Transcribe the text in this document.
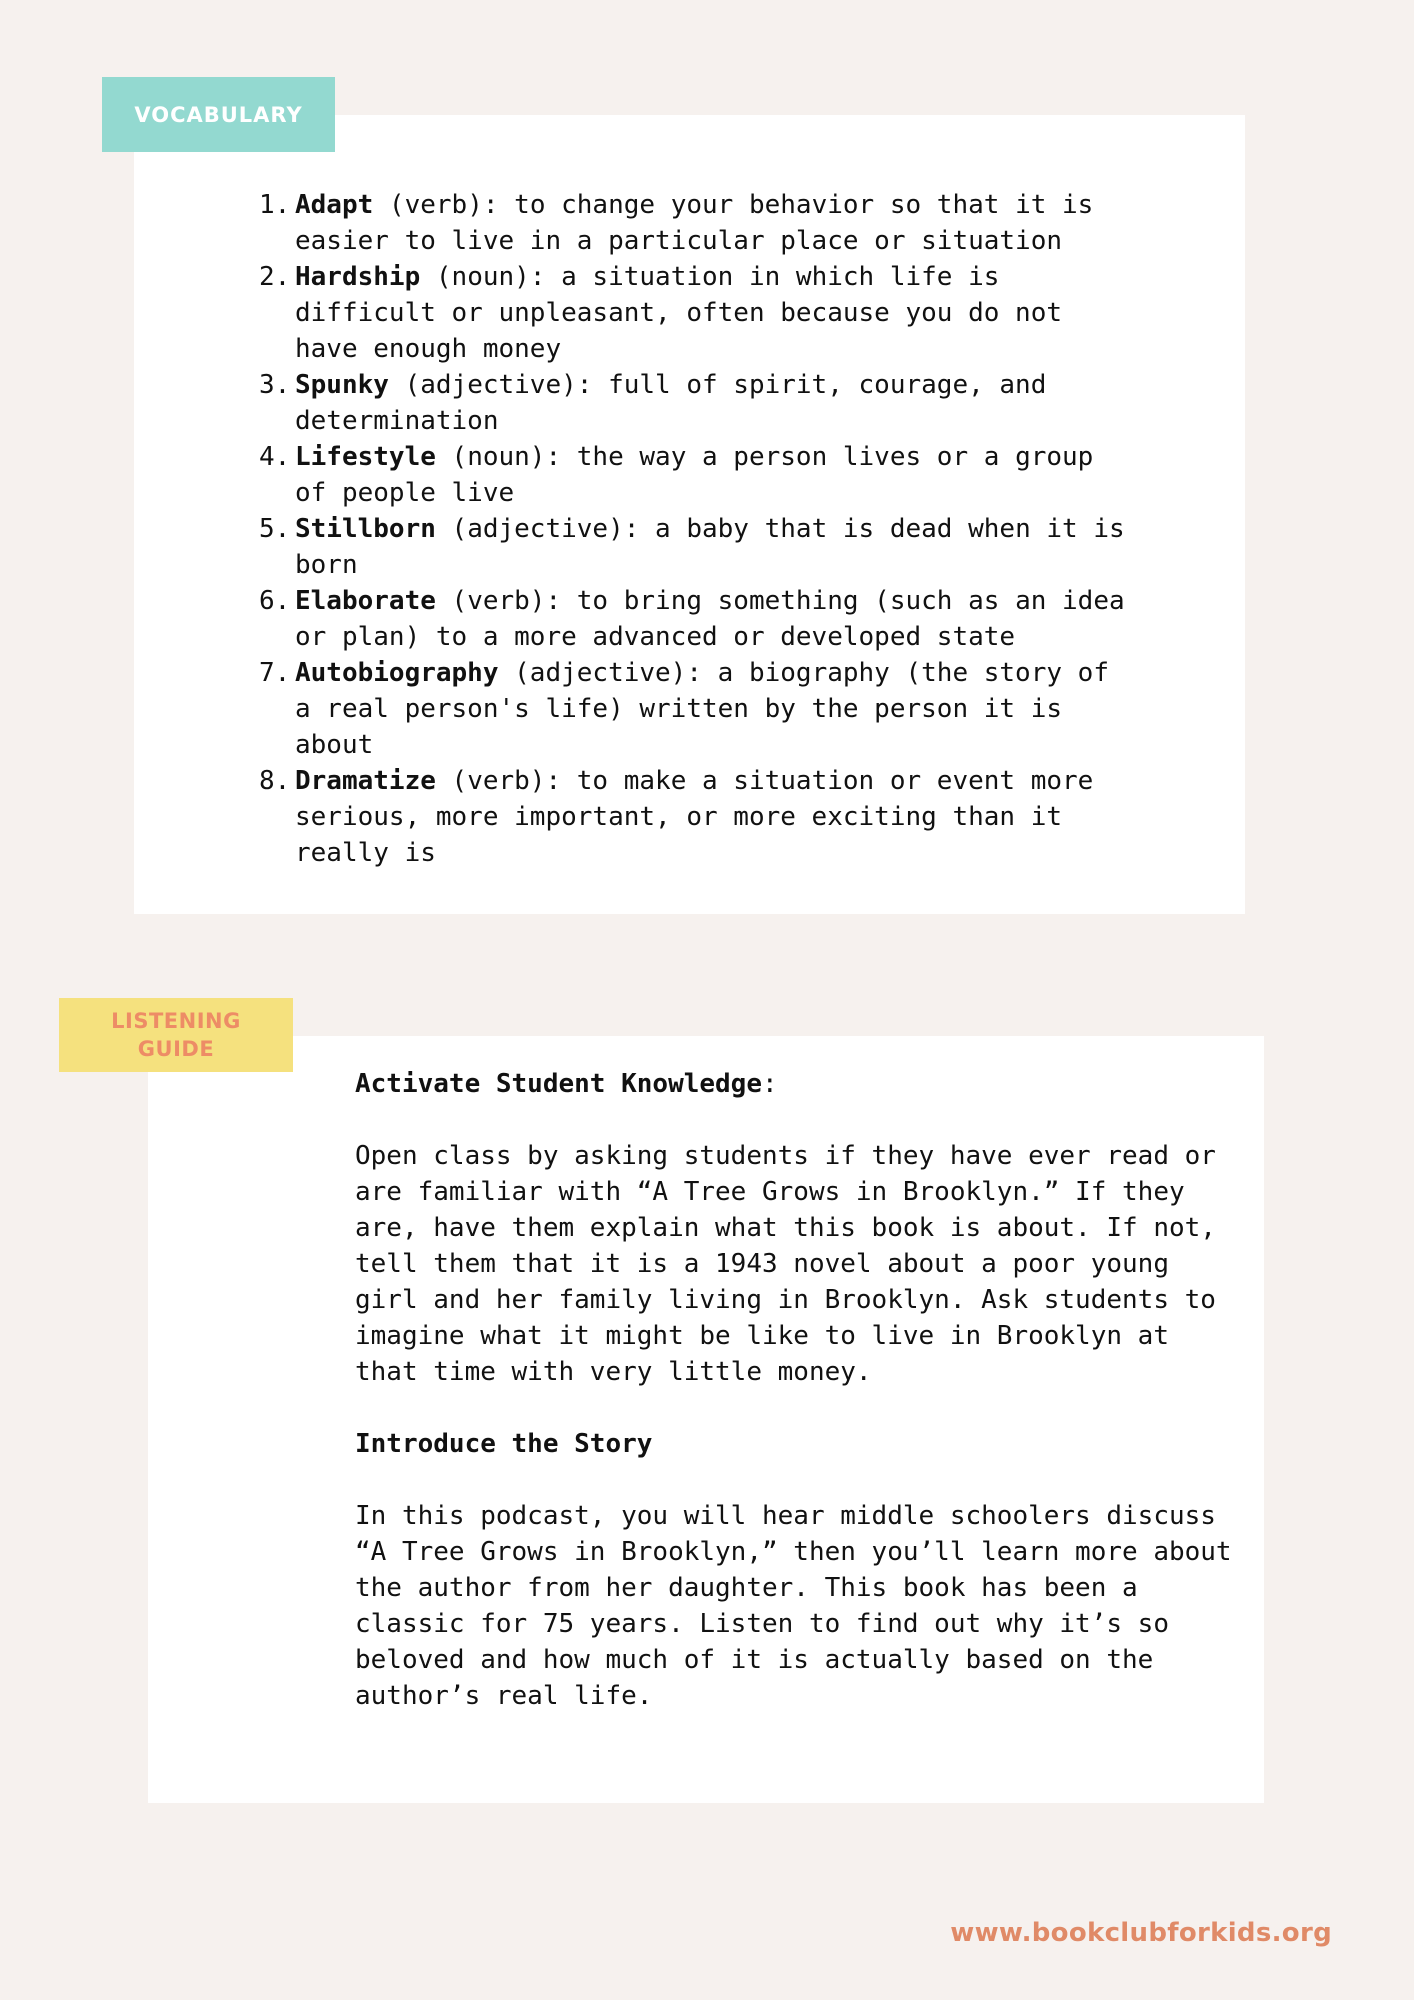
VOCABULARY
1. Adapt (verb): to change your behavior so that it is easier to live in a particular place or situation
2. Hardship (noun): a situation in which life is difficult or unpleasant, often because you do not have enough money
3. Spunky (adjective): full of spirit, courage, and determination
4. Lifestyle (noun): the way a person lives or a group of people live
5. Stillborn (adjective): a baby that is dead when it is born
6. Elaborate (verb): to bring something (such as an idea or plan) to a more advanced or developed state
7. Autobiography (adjective): a biography (the story of a real person's life) written by the person it is about
8. Dramatize (verb): to make a situation or event more serious, more important, or more exciting than it really is
LISTENING GUIDE

Activate Student Knowledge:

Open class by asking students if they have ever read or are familiar with “A Tree Grows in Brooklyn.” If they are, have them explain what this book is about. If not, tell them that it is a 1943 novel about a poor young girl and her family living in Brooklyn. Ask students to imagine what it might be like to live in Brooklyn at that time with very little money.

Introduce the Story

In this podcast, you will hear middle schoolers discuss “A Tree Grows in Brooklyn,” then you’ll learn more about the author from her daughter. This book has been a classic for 75 years. Listen to find out why it’s so beloved and how much of it is actually based on the author’s real life.

www.bookclubforkids.org
